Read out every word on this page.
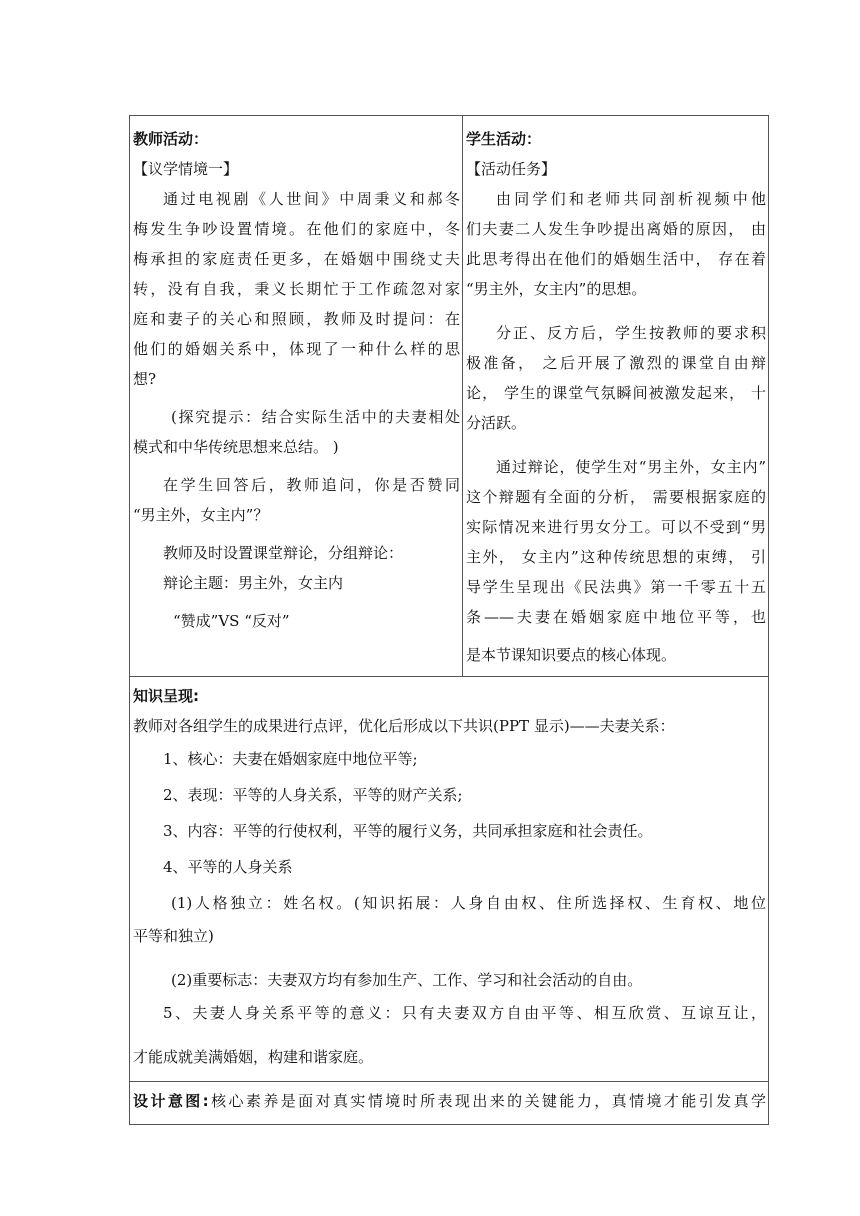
教师活动：
【议学情境一】
通过电视剧《人世间》中周秉义和郝冬
梅发生争吵设置情境。在他们的家庭中，冬
梅承担的家庭责任更多，在婚姻中围绕丈夫
转，没有自我，秉义长期忙于工作疏忽对家
庭和妻子的关心和照顾，教师及时提问：在
他们的婚姻关系中，体现了一种什么样的思
想?
(探究提示：结合实际生活中的夫妻相处
模式和中华传统思想来总结。 )
在学生回答后，教师追问，你是否赞同
“男主外，女主内”？
教师及时设置课堂辩论，分组辩论：
辩论主题：男主外，女主内
“赞成”VS “反对”

学生活动：
【活动任务】
由同学们和老师共同剖析视频中他
们夫妻二人发生争吵提出离婚的原因， 由
此思考得出在他们的婚姻生活中， 存在着
“男主外，女主内”的思想。
分正、反方后，学生按教师的要求积
极准备， 之后开展了激烈的课堂自由辩
论， 学生的课堂气氛瞬间被激发起来， 十
分活跃。
通过辩论，使学生对“男主外，女主内”
这个辩题有全面的分析， 需要根据家庭的
实际情况来进行男女分工。可以不受到“男
主外， 女主内”这种传统思想的束缚， 引
导学生呈现出《民法典》第一千零五十五
条——夫妻在婚姻家庭中地位平等，也
是本节课知识要点的核心体现。

知识呈现:
教师对各组学生的成果进行点评，优化后形成以下共识(PPT 显示)——夫妻关系：
1、核心：夫妻在婚姻家庭中地位平等;
2、表现：平等的人身关系，平等的财产关系;
3、内容：平等的行使权利，平等的履行义务，共同承担家庭和社会责任。
4、平等的人身关系
(1)人格独立：姓名权。(知识拓展：人身自由权、住所选择权、生育权、地位
平等和独立)
(2)重要标志：夫妻双方均有参加生产、工作、学习和社会活动的自由。
5、夫妻人身关系平等的意义：只有夫妻双方自由平等、相互欣赏、互谅互让，
才能成就美满婚姻，构建和谐家庭。

设计意图:核心素养是面对真实情境时所表现出来的关键能力，真情境才能引发真学
